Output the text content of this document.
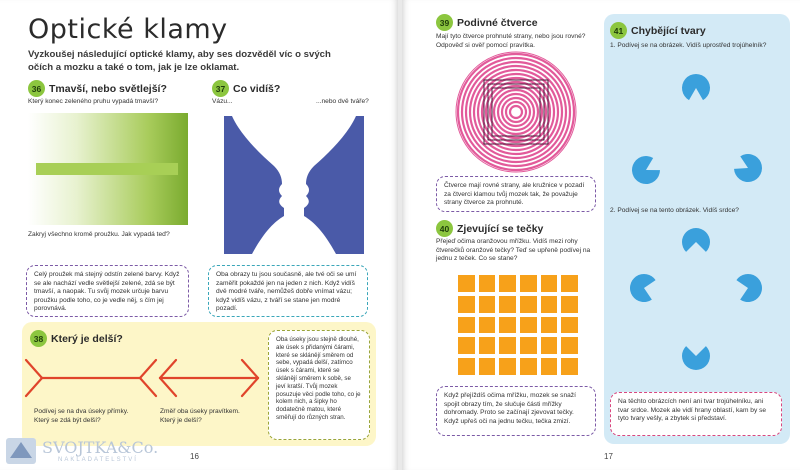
Optické klamy
Vyzkoušej následující optické klamy, aby ses dozvěděl víc o svých očích a mozku a také o tom, jak je lze oklamat.
36 Tmavší, nebo světlejší?
Který konec zeleného pruhu vypadá tmavší?
Zakryj všechno kromě proužku. Jak vypadá teď?
Celý proužek má stejný odstín zelené barvy. Když se ale nachází vedle světlejší zelené, zdá se být tmavší, a naopak. Tu svůj mozek určuje barvu proužku podle toho, co je vedle něj, s čím jej porovnává.
37 Co vidíš?
Vázu...	...nebo dvě tváře?
Oba obrazy tu jsou současně, ale tvé oči se umí zaměřit pokaždé jen na jeden z nich. Když vidíš dvě modré tváře, nemůžeš dobře vnímat vázu; když vidíš vázu, z tváří se stane jen modré pozadí.
38 Který je delší?
Podívej se na dva úseky přímky. Který se zdá být delší?
Změř oba úseky pravítkem. Který je delší?
Oba úseky jsou stejně dlouhé, ale úsek s přidanými čárami, které se sklánějí směrem od sebe, vypadá delší, zatímco úsek s čárami, které se sklánějí směrem k sobě, se jeví kratší. Tvůj mozek posuzuje věci podle toho, co je kolem nich, a šipky ho dodatečně matou, které směřují do různých stran.
SVOJTKA&Co.
NAKLADATELSTVÍ	16
39 Podivné čtverce
Mají tyto čtverce prohnuté strany, nebo jsou rovné? Odpověď si ověř pomocí pravítka.
Čtverce mají rovné strany, ale kružnice v pozadí za čtverci klamou tvůj mozek tak, že považuje strany čtverce za prohnuté.
40 Zjevující se tečky
Přejeď očima oranžovou mřížku. Vidíš mezi rohy čtverečků oranžové tečky? Teď se upřeně podívej na jednu z teček. Co se stane?
Když přejíždíš očima mřížku, mozek se snaží spojit obrazy tím, že slučuje části mřížky dohromady. Proto se začínají zjevovat tečky. Když upřeš oči na jednu tečku, tečka zmizí.
41 Chybějící tvary
1. Podívej se na obrázek. Vidíš uprostřed trojúhelník?
2. Podívej se na tento obrázek. Vidíš srdce?
Na těchto obrázcích není ani tvar trojúhelníku, ani tvar srdce. Mozek ale vidí hrany oblastí, kam by se tyto tvary vešly, a zbytek si představí.
17
